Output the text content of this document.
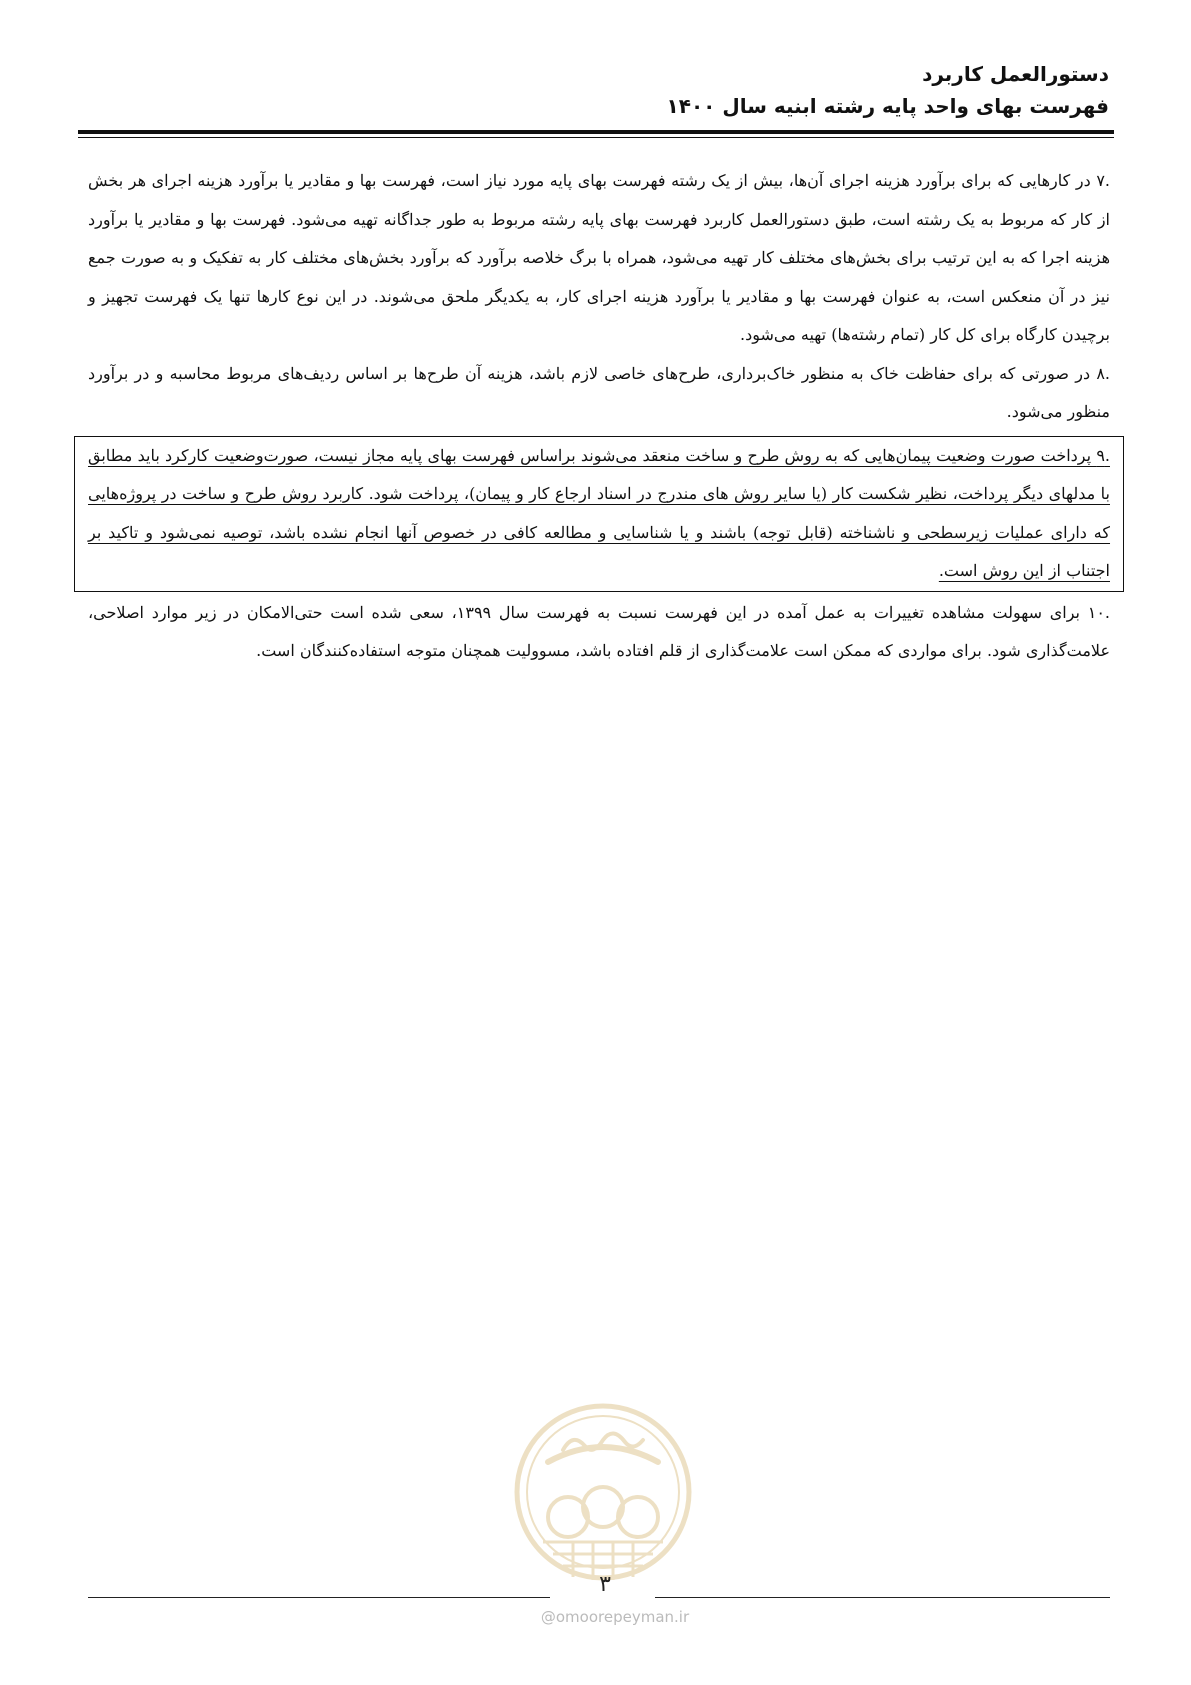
دستورالعمل کاربرد
فهرست بهای واحد پایه رشته ابنیه سال ۱۴۰۰

.۷ در کارهایی که برای برآورد هزینه اجرای آن‌ها، بیش از یک رشته فهرست بهای پایه مورد نیاز است، فهرست بها و مقادیر یا برآورد هزینه اجرای هر بخش از کار که مربوط به یک رشته است، طبق دستورالعمل کاربرد فهرست بهای پایه رشته مربوط به طور جداگانه تهیه می‌شود. فهرست بها و مقادیر یا برآورد هزینه اجرا که به این ترتیب برای بخش‌های مختلف کار تهیه می‌شود، همراه با برگ خلاصه برآورد که برآورد بخش‌های مختلف کار به تفکیک و به صورت جمع نیز در آن منعکس است، به عنوان فهرست بها و مقادیر یا برآورد هزینه اجرای کار، به یکدیگر ملحق می‌شوند. در این نوع کارها تنها یک فهرست تجهیز و برچیدن کارگاه برای کل کار (تمام رشته‌ها) تهیه می‌شود.

.۸ در صورتی که برای حفاظت خاک به منظور خاک‌برداری، طرح‌های خاصی لازم باشد، هزینه آن طرح‌ها بر اساس ردیف‌های مربوط محاسبه و در برآورد منظور می‌شود.

.۹ پرداخت صورت وضعیت پیمان‌هایی که به روش طرح و ساخت منعقد می‌شوند براساس فهرست بهای پایه مجاز نیست، صورت‌وضعیت کارکرد باید مطابق با مدلهای دیگر پرداخت، نظیر شکست کار (یا سایر روش های مندرج در اسناد ارجاع کار و پیمان)، پرداخت شود. کاربرد روش طرح و ساخت در پروژه‌هایی که دارای عملیات زیرسطحی و ناشناخته (قابل توجه) باشند و یا شناسایی و مطالعه کافی در خصوص آنها انجام نشده باشد، توصیه نمی‌شود و تاکید بر اجتناب از این روش است.

.۱۰ برای سهولت مشاهده تغییرات به عمل آمده در این فهرست نسبت به فهرست سال ۱۳۹۹، سعی شده است حتی‌الامکان در زیر موارد اصلاحی، علامت‌گذاری شود. برای مواردی که ممکن است علامت‌گذاری از قلم افتاده باشد، مسوولیت همچنان متوجه استفاده‌کنندگان است.

۳
@omoorepeyman.ir
